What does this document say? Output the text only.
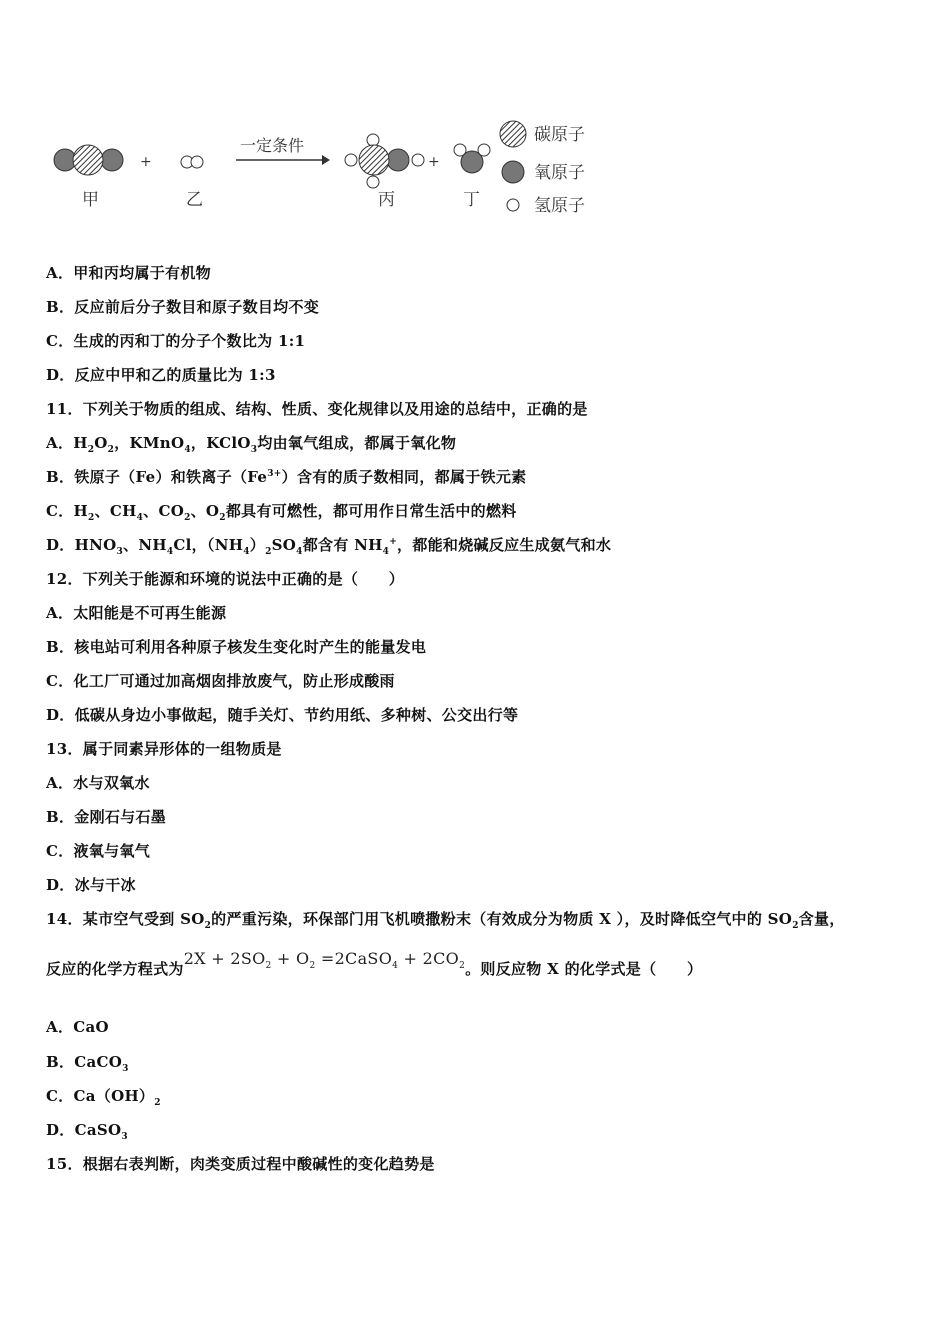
+
一定条件
+
甲	乙	丙	丁
碳原子
氧原子
氢原子
A．甲和丙均属于有机物
B．反应前后分子数目和原子数目均不变
C．生成的丙和丁的分子个数比为 1:1
D．反应中甲和乙的质量比为 1:3
11．下列关于物质的组成、结构、性质、变化规律以及用途的总结中，正确的是
A．$H_2O_2$，KMnO$_4$，KClO$_3$均由氧气组成，都属于氧化物
B．铁原子（Fe）和铁离子$(Fe^{3+})$含有的质子数相同，都属于铁元素
C．$H_2$、$CH_4$、$CO_2$、$O_2$都具有可燃性，都可用作日常生活中的燃料
D．$HNO_3$、$NH_4Cl$，$(NH_4)_2SO_4$都含有 $NH_4^+$，都能和烧碱反应生成氨气和水
12．下列关于能源和环境的说法中正确的是（　　）
A．太阳能是不可再生能源
B．核电站可利用各种原子核发生变化时产生的能量发电
C．化工厂可通过加高烟囱排放废气，防止形成酸雨
D．低碳从身边小事做起，随手关灯、节约用纸、多种树、公交出行等
13．属于同素异形体的一组物质是
A．水与双氧水
B．金刚石与石墨
C．液氧与氧气
D．冰与干冰
14．某市空气受到 $SO_2$的严重污染，环保部门用飞机喷撒粉末（有效成分为物质 X ），及时降低空气中的 $SO_2$含量，
反应的化学方程式为$2X + 2SO_2 + O_2$ =2CaSO$_4$ + $2CO_2$。则反应物 X 的化学式是（　　）
A．CaO
B．CaCO$_3$
C．$Ca(OH)_2$
D．CaSO$_3$
15．根据右表判断，肉类变质过程中酸碱性的变化趋势是
